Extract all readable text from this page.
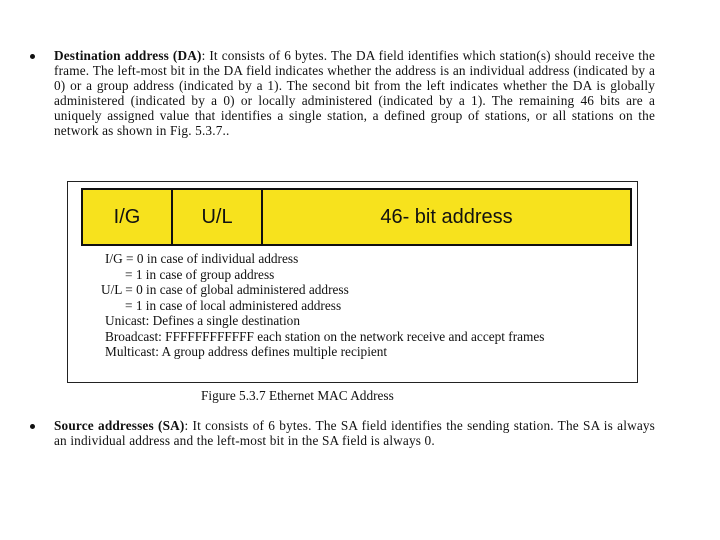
Destination address (DA): It consists of 6 bytes. The DA field identifies which station(s) should receive the frame. The left-most bit in the DA field indicates whether the address is an individual address (indicated by a 0) or a group address (indicated by a 1). The second bit from the left indicates whether the DA is globally administered (indicated by a 0) or locally administered (indicated by a 1). The remaining 46 bits are a uniquely assigned value that identifies a single station, a defined group of stations, or all stations on the network as shown in Fig. 5.3.7..

I/G	U/L	46- bit address
I/G = 0 in case of individual address
= 1 in case of group address
U/L = 0 in case of global administered address
= 1 in case of local administered address
Unicast: Defines a single destination
Broadcast: FFFFFFFFFFFF each station on the network receive and accept frames
Multicast: A group address defines multiple recipient
Figure 5.3.7 Ethernet MAC Address

Source addresses (SA): It consists of 6 bytes. The SA field identifies the sending station. The SA is always an individual address and the left-most bit in the SA field is always 0.
